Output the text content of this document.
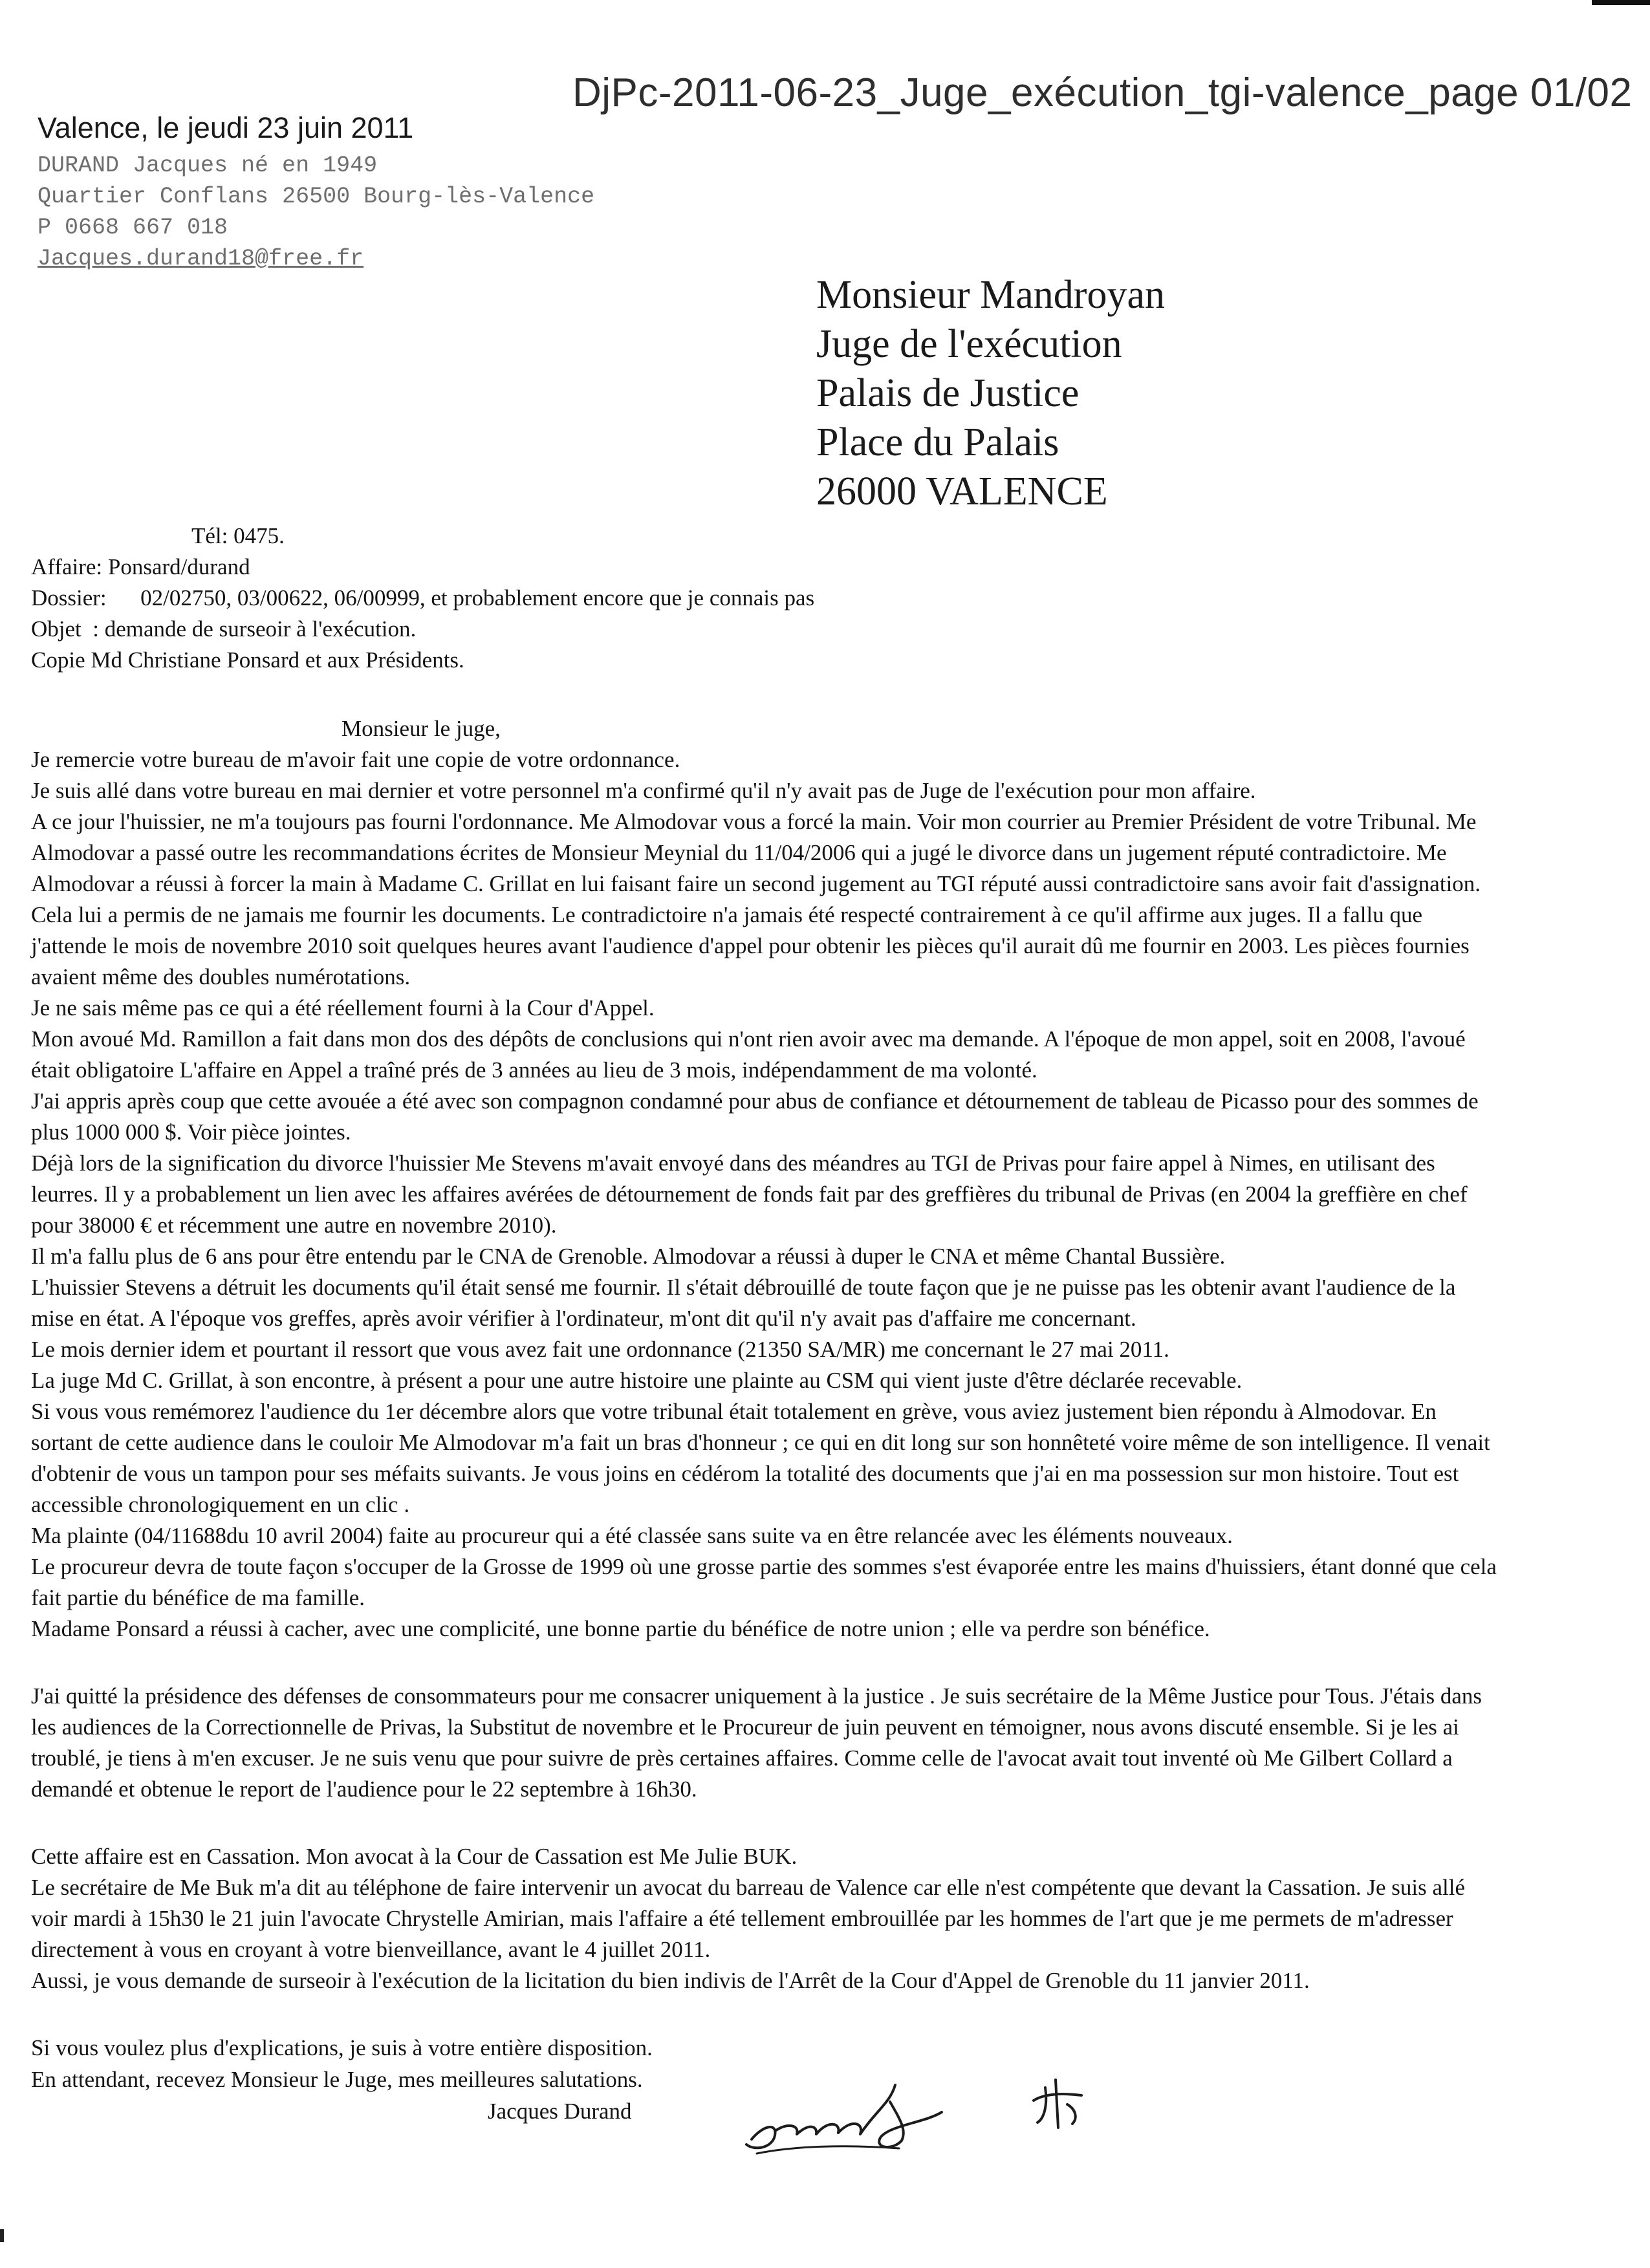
DjPc-2011-06-23_Juge_exécution_tgi-valence_page 01/02
Valence, le jeudi 23 juin 2011
DURAND Jacques né en 1949
Quartier Conflans 26500 Bourg-lès-Valence
P 0668 667 018
Jacques.durand18@free.fr
Monsieur Mandroyan
Juge de l'exécution
Palais de Justice
Place du Palais
26000 VALENCE
Tél: 0475.
Affaire: Ponsard/durand
Dossier:      02/02750, 03/00622, 06/00999, et probablement encore que je connais pas
Objet  : demande de surseoir à l'exécution.
Copie Md Christiane Ponsard et aux Présidents.

Monsieur le juge,

Je remercie votre bureau de m'avoir fait une copie de votre ordonnance.

Je suis allé dans votre bureau en mai dernier et votre personnel m'a confirmé qu'il n'y avait pas de Juge de l'exécution pour mon affaire.

A ce jour l'huissier, ne m'a toujours pas fourni l'ordonnance. Me Almodovar vous a forcé la main. Voir mon courrier au Premier Président de votre Tribunal. Me Almodovar a passé outre les recommandations écrites de Monsieur Meynial du 11/04/2006 qui a jugé le divorce dans un jugement réputé contradictoire. Me Almodovar a réussi à forcer la main à Madame C. Grillat en lui faisant faire un second jugement au TGI réputé aussi contradictoire sans avoir fait d'assignation. Cela lui a permis de ne jamais me fournir les documents. Le contradictoire n'a jamais été respecté contrairement à ce qu'il affirme aux juges. Il a fallu que j'attende le mois de novembre 2010 soit quelques heures avant l'audience d'appel pour obtenir les pièces qu'il aurait dû me fournir en 2003. Les pièces fournies avaient même des doubles numérotations.

Je ne sais même pas ce qui a été réellement fourni à la Cour d'Appel.

Mon avoué Md. Ramillon a fait dans mon dos des dépôts de conclusions qui n'ont rien avoir avec ma demande. A l'époque de mon appel, soit en 2008, l'avoué était obligatoire L'affaire en Appel a traîné prés de 3 années au lieu de 3 mois, indépendamment de ma volonté.

J'ai appris après coup que cette avouée a été avec son compagnon condamné pour abus de confiance et détournement de tableau de Picasso pour des sommes de plus 1000 000 $. Voir pièce jointes.

Déjà lors de la signification du divorce l'huissier Me Stevens m'avait envoyé dans des méandres au TGI de Privas pour faire appel à Nimes, en utilisant des leurres. Il y a probablement un lien avec les affaires avérées de détournement de fonds fait par des greffières du tribunal de Privas (en 2004 la greffière en chef pour 38000 € et récemment une autre en novembre 2010).

Il m'a fallu plus de 6 ans pour être entendu par le CNA de Grenoble. Almodovar a réussi à duper le CNA et même Chantal Bussière.

L'huissier Stevens a détruit les documents qu'il était sensé me fournir. Il s'était débrouillé de toute façon que je ne puisse pas les obtenir avant l'audience de la mise en état. A l'époque vos greffes, après avoir vérifier à l'ordinateur, m'ont dit qu'il n'y avait pas d'affaire me concernant.

Le mois dernier idem et pourtant il ressort que vous avez fait une ordonnance (21350 SA/MR) me concernant le 27 mai 2011.

La juge Md C. Grillat, à son encontre, à présent a pour une autre histoire une plainte au CSM qui vient juste d'être déclarée recevable.

Si vous vous remémorez l'audience du 1er décembre alors que votre tribunal était totalement en grève, vous aviez justement bien répondu à Almodovar. En sortant de cette audience dans le couloir Me Almodovar m'a fait un bras d'honneur ; ce qui en dit long sur son honnêteté voire même de son intelligence. Il venait d'obtenir de vous un tampon pour ses méfaits suivants. Je vous joins en cédérom la totalité des documents que j'ai en ma possession sur mon histoire. Tout est accessible chronologiquement en un clic .

Ma plainte (04/11688du 10 avril 2004) faite au procureur qui a été classée sans suite va en être relancée avec les éléments nouveaux.

Le procureur devra de toute façon s'occuper de la Grosse de 1999 où une grosse partie des sommes s'est évaporée entre les mains d'huissiers, étant donné que cela fait partie du bénéfice de ma famille.

Madame Ponsard a réussi à cacher, avec une complicité, une bonne partie du bénéfice de notre union ; elle va perdre son bénéfice.

J'ai quitté la présidence des défenses de consommateurs pour me consacrer uniquement à la justice . Je suis secrétaire de la Même Justice pour Tous. J'étais dans les audiences de la Correctionnelle de Privas, la Substitut de novembre et le Procureur de juin peuvent en témoigner, nous avons discuté ensemble. Si je les ai troublé, je tiens à m'en excuser. Je ne suis venu que pour suivre de près certaines affaires. Comme celle de l'avocat avait tout inventé où Me Gilbert Collard a demandé et obtenue le report de l'audience pour le 22 septembre à 16h30.

Cette affaire est en Cassation. Mon avocat à la Cour de Cassation est Me Julie BUK.

Le secrétaire de Me Buk m'a dit au téléphone de faire intervenir un avocat du barreau de Valence car elle n'est compétente que devant la Cassation. Je suis allé voir mardi à 15h30 le 21 juin l'avocate Chrystelle Amirian, mais l'affaire a été tellement embrouillée par les hommes de l'art que je me permets de m'adresser directement à vous en croyant à votre bienveillance, avant le 4 juillet 2011.

Aussi, je vous demande de surseoir à l'exécution de la licitation du bien indivis de l'Arrêt de la Cour d'Appel de Grenoble du 11 janvier 2011.

Si vous voulez plus d'explications, je suis à votre entière disposition.
En attendant, recevez Monsieur le Juge, mes meilleures salutations.
Jacques Durand
